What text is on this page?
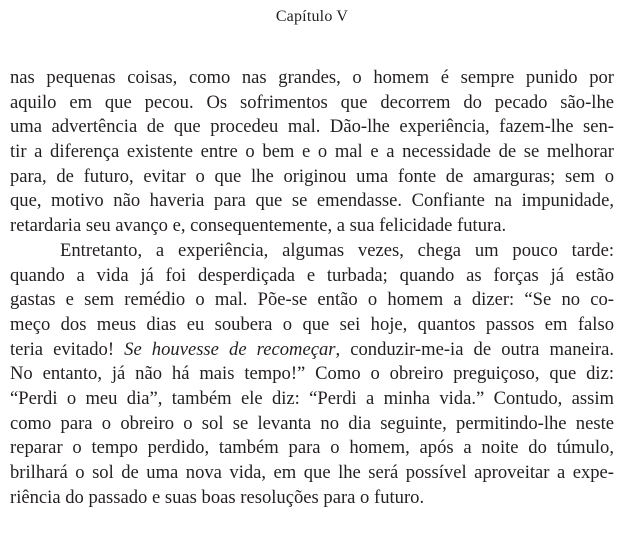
Capítulo V
nas pequenas coisas, como nas grandes, o homem é sempre punido por
aquilo em que pecou. Os sofrimentos que decorrem do pecado são-lhe
uma advertência de que procedeu mal. Dão-lhe experiência, fazem-lhe sen-
tir a diferença existente entre o bem e o mal e a necessidade de se melhorar
para, de futuro, evitar o que lhe originou uma fonte de amarguras; sem o
que, motivo não haveria para que se emendasse. Confiante na impunidade,
retardaria seu avanço e, consequentemente, a sua felicidade futura.
Entretanto, a experiência, algumas vezes, chega um pouco tarde:
quando a vida já foi desperdiçada e turbada; quando as forças já estão
gastas e sem remédio o mal. Põe-se então o homem a dizer: “Se no co-
meço dos meus dias eu soubera o que sei hoje, quantos passos em falso
teria evitado! Se houvesse de recomeçar, conduzir-me-ia de outra maneira.
No entanto, já não há mais tempo!” Como o obreiro preguiçoso, que diz:
“Perdi o meu dia”, também ele diz: “Perdi a minha vida.” Contudo, assim
como para o obreiro o sol se levanta no dia seguinte, permitindo-lhe neste
reparar o tempo perdido, também para o homem, após a noite do túmulo,
brilhará o sol de uma nova vida, em que lhe será possível aproveitar a expe-
riência do passado e suas boas resoluções para o futuro.
